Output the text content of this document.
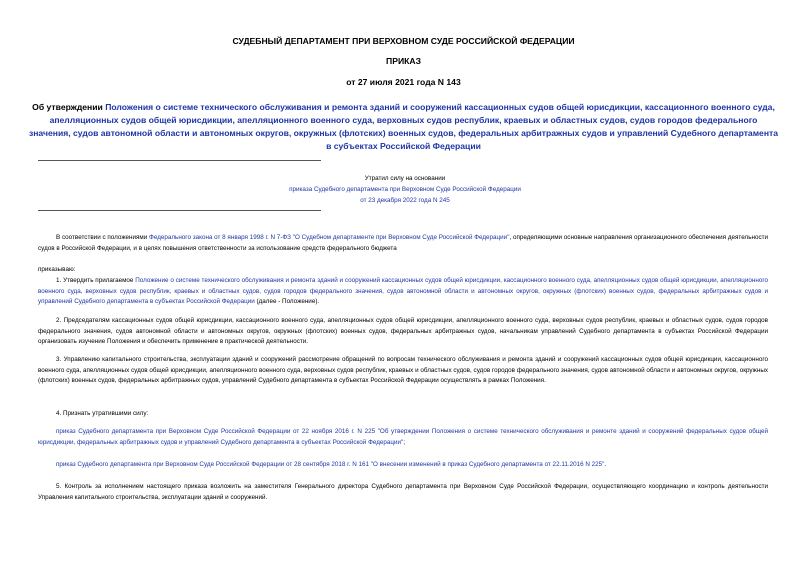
СУДЕБНЫЙ ДЕПАРТАМЕНТ ПРИ ВЕРХОВНОМ СУДЕ РОССИЙСКОЙ ФЕДЕРАЦИИ
ПРИКАЗ
от 27 июля 2021 года N 143
Об утверждении Положения о системе технического обслуживания и ремонта зданий и сооружений кассационных судов общей юрисдикции, кассационного военного суда, апелляционных судов общей юрисдикции, апелляционного военного суда, верховных судов республик, краевых и областных судов, судов городов федерального значения, судов автономной области и автономных округов, окружных (флотских) военных судов, федеральных арбитражных судов и управлений Судебного департамента в субъектах Российской Федерации
Утратил силу на основании
приказа Судебного департамента при Верховном Суде Российской Федерации
от 23 декабря 2022 года N 245
В соответствии с положениями Федерального закона от 8 января 1998 г. N 7-ФЗ "О Судебном департаменте при Верховном Суде Российской Федерации", определяющими основные направления организационного обеспечения деятельности судов в Российской Федерации, и в целях повышения ответственности за использование средств федерального бюджета
приказываю:
1. Утвердить прилагаемое Положение о системе технического обслуживания и ремонта зданий и сооружений кассационных судов общей юрисдикции, кассационного военного суда, апелляционных судов общей юрисдикции, апелляционного военного суда, верховных судов республик, краевых и областных судов, судов городов федерального значения, судов автономной области и автономных округов, окружных (флотских) военных судов, федеральных арбитражных судов и управлений Судебного департамента в субъектах Российской Федерации (далее - Положение).
2. Председателям кассационных судов общей юрисдикции, кассационного военного суда, апелляционных судов общей юрисдикции, апелляционного военного суда, верховных судов республик, краевых и областных судов, судов городов федерального значения, судов автономной области и автономных округов, окружных (флотских) военных судов, федеральных арбитражных судов, начальникам управлений Судебного департамента в субъектах Российской Федерации организовать изучение Положения и обеспечить применение в практической деятельности.
3. Управлению капитального строительства, эксплуатации зданий и сооружений рассмотрение обращений по вопросам технического обслуживания и ремонта зданий и сооружений кассационных судов общей юрисдикции, кассационного военного суда, апелляционных судов общей юрисдикции, апелляционного военного суда, верховных судов республик, краевых и областных судов, судов городов федерального значения, судов автономной области и автономных округов, окружных (флотских) военных судов, федеральных арбитражных судов, управлений Судебного департамента в субъектах Российской Федерации осуществлять в рамках Положения.
4. Признать утратившими силу:
приказ Судебного департамента при Верховном Суде Российской Федерации от 22 ноября 2016 г. N 225 "Об утверждении Положения о системе технического обслуживания и ремонте зданий и сооружений федеральных судов общей юрисдикции, федеральных арбитражных судов и управлений Судебного департамента в субъектах Российской Федерации";
приказ Судебного департамента при Верховном Суде Российской Федерации от 28 сентября 2018 г. N 161 "О внесении изменений в приказ Судебного департамента от 22.11.2016 N 225".
5. Контроль за исполнением настоящего приказа возложить на заместителя Генерального директора Судебного департамента при Верховном Суде Российской Федерации, осуществляющего координацию и контроль деятельности Управления капитального строительства, эксплуатации зданий и сооружений.
